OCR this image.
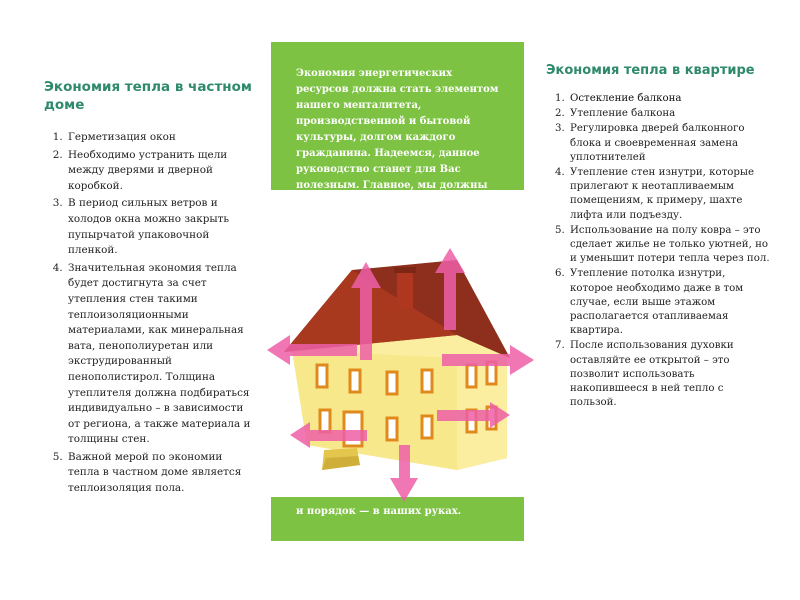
Экономия тепла в частном доме
1. Герметизация окон
2. Необходимо устранить щели между дверями и дверной коробкой.
3. В период сильных ветров и холодов окна можно закрыть пупырчатой упаковочной пленкой.
4. Значительная экономия тепла будет достигнута за счет утепления стен такими теплоизоляционными материалами, как минеральная вата, пенополиуретан или экструдированный пенополистирол. Толщина утеплителя должна подбираться индивидуально – в зависимости от региона, а также материала и толщины стен.
5. Важной мерой по экономии тепла в частном доме является теплоизоляция пола.
Экономия энергетических ресурсов должна стать элементом нашего менталитета, производственной и бытовой культуры, долгом каждого гражданина. Надеемся, данное руководство станет для Вас полезным. Главное, мы должны помнить: наше жилье, наш комфорт
и порядок — в наших руках.
Экономия тепла в квартире
1. Остекление балкона
2. Утепление балкона
3. Регулировка дверей балконного блока и своевременная замена уплотнителей
4. Утепление стен изнутри, которые прилегают к неотапливаемым помещениям, к примеру, шахте лифта или подъезду.
5. Использование на полу ковра – это сделает жилье не только уютней, но и уменьшит потери тепла через пол.
6. Утепление потолка изнутри, которое необходимо даже в том случае, если выше этажом располагается отапливаемая квартира.
7. После использования духовки оставляйте ее открытой – это позволит использовать накопившееся в ней тепло с пользой.
